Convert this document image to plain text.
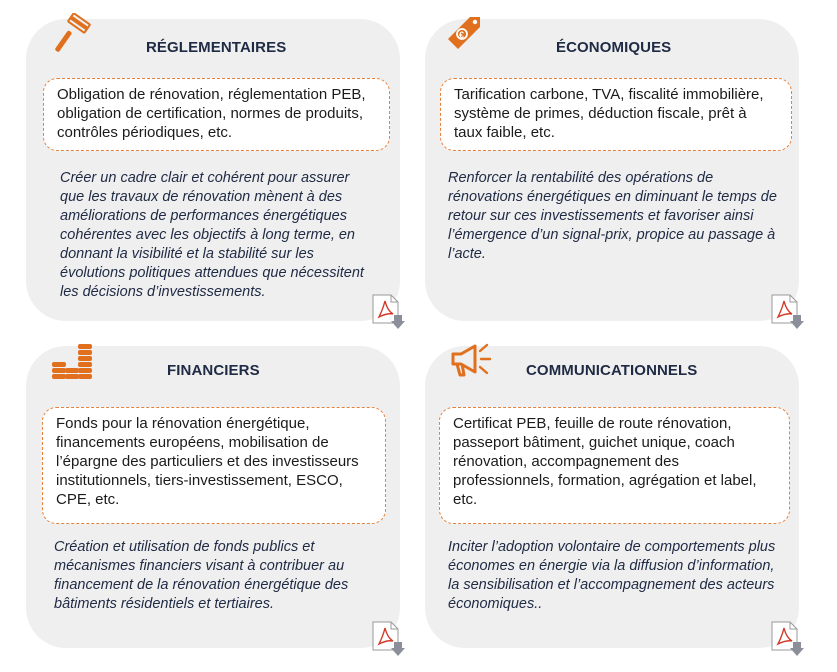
RÉGLEMENTAIRES
Obligation de rénovation, réglementation PEB, obligation de certification, normes de produits, contrôles périodiques, etc.
Créer un cadre clair et cohérent pour assurer que les travaux de rénovation mènent à des améliorations de performances énergétiques cohérentes avec les objectifs à long terme, en donnant la visibilité et la stabilité sur les évolutions politiques attendues que nécessitent les décisions d’investissements.
€
ÉCONOMIQUES
Tarification carbone, TVA, fiscalité immobilière, système de primes, déduction fiscale, prêt à taux faible, etc.
Renforcer la rentabilité des opérations de rénovations énergétiques en diminuant le temps de retour sur ces investissements et favoriser ainsi l’émergence d’un signal-prix, propice au passage à l’acte.
FINANCIERS
Fonds pour la rénovation énergétique, financements européens, mobilisation de l’épargne des particuliers et des investisseurs institutionnels, tiers-investissement, ESCO, CPE, etc.
Création et utilisation de fonds publics et mécanismes financiers visant à contribuer au financement de la rénovation énergétique des bâtiments résidentiels et tertiaires.
COMMUNICATIONNELS
Certificat PEB, feuille de route rénovation, passeport bâtiment, guichet unique, coach rénovation, accompagnement des professionnels, formation, agrégation et label, etc.
Inciter l’adoption volontaire de comportements plus économes en énergie via la diffusion d’information, la sensibilisation et l’accompagnement des acteurs économiques..
